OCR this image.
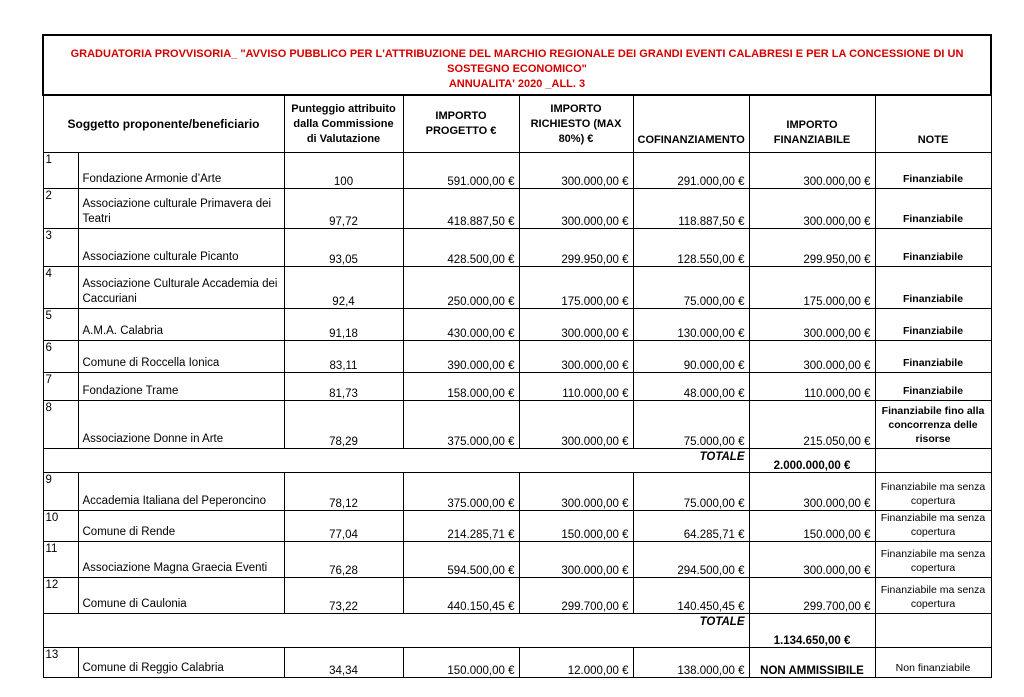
GRADUATORIA PROVVISORIA_ "AVVISO PUBBLICO PER L'ATTRIBUZIONE DEL MARCHIO REGIONALE DEI GRANDI EVENTI CALABRESI E PER LA CONCESSIONE DI UN SOSTEGNO ECONOMICO"
ANNUALITA' 2020 _ALL. 3							

Soggetto proponente/beneficiario		Punteggio attribuito dalla Commissione di Valutazione	IMPORTO PROGETTO €	IMPORTO RICHIESTO (MAX 80%) €	COFINANZIAMENTO	IMPORTO FINANZIABILE	NOTE
1	Fondazione Armonie d’Arte	100	591.000,00 €	300.000,00 €	291.000,00 €	300.000,00 €	Finanziabile
2	Associazione culturale Primavera dei Teatri	97,72	418.887,50 €	300.000,00 €	118.887,50 €	300.000,00 €	Finanziabile
3	Associazione culturale Picanto	93,05	428.500,00 €	299.950,00 €	128.550,00 €	299.950,00 €	Finanziabile
4	Associazione Culturale Accademia dei Caccuriani	92,4	250.000,00 €	175.000,00 €	75.000,00 €	175.000,00 €	Finanziabile
5	A.M.A. Calabria	91,18	430.000,00 €	300.000,00 €	130.000,00 €	300.000,00 €	Finanziabile
6	Comune di Roccella Ionica	83,11	390.000,00 €	300.000,00 €	90.000,00 €	300.000,00 €	Finanziabile
7	Fondazione Trame	81,73	158.000,00 €	110.000,00 €	48.000,00 €	110.000,00 €	Finanziabile
8	Associazione Donne in Arte	78,29	375.000,00 €	300.000,00 €	75.000,00 €	215.050,00 €	Finanziabile fino alla concorrenza delle risorse
TOTALE						2.000.000,00 €	
9	Accademia Italiana del Peperoncino	78,12	375.000,00 €	300.000,00 €	75.000,00 €	300.000,00 €	Finanziabile ma senza copertura
10	Comune di Rende	77,04	214.285,71 €	150.000,00 €	64.285,71 €	150.000,00 €	Finanziabile ma senza copertura
11	Associazione Magna Graecia Eventi	76,28	594.500,00 €	300.000,00 €	294.500,00 €	300.000,00 €	Finanziabile ma senza copertura
12	Comune di Caulonia	73,22	440.150,45 €	299.700,00 €	140.450,45 €	299.700,00 €	Finanziabile ma senza copertura
TOTALE						1.134.650,00 €	
13	Comune di Reggio Calabria	34,34	150.000,00 €	12.000,00 €	138.000,00 €	NON AMMISSIBILE	Non finanziabile
